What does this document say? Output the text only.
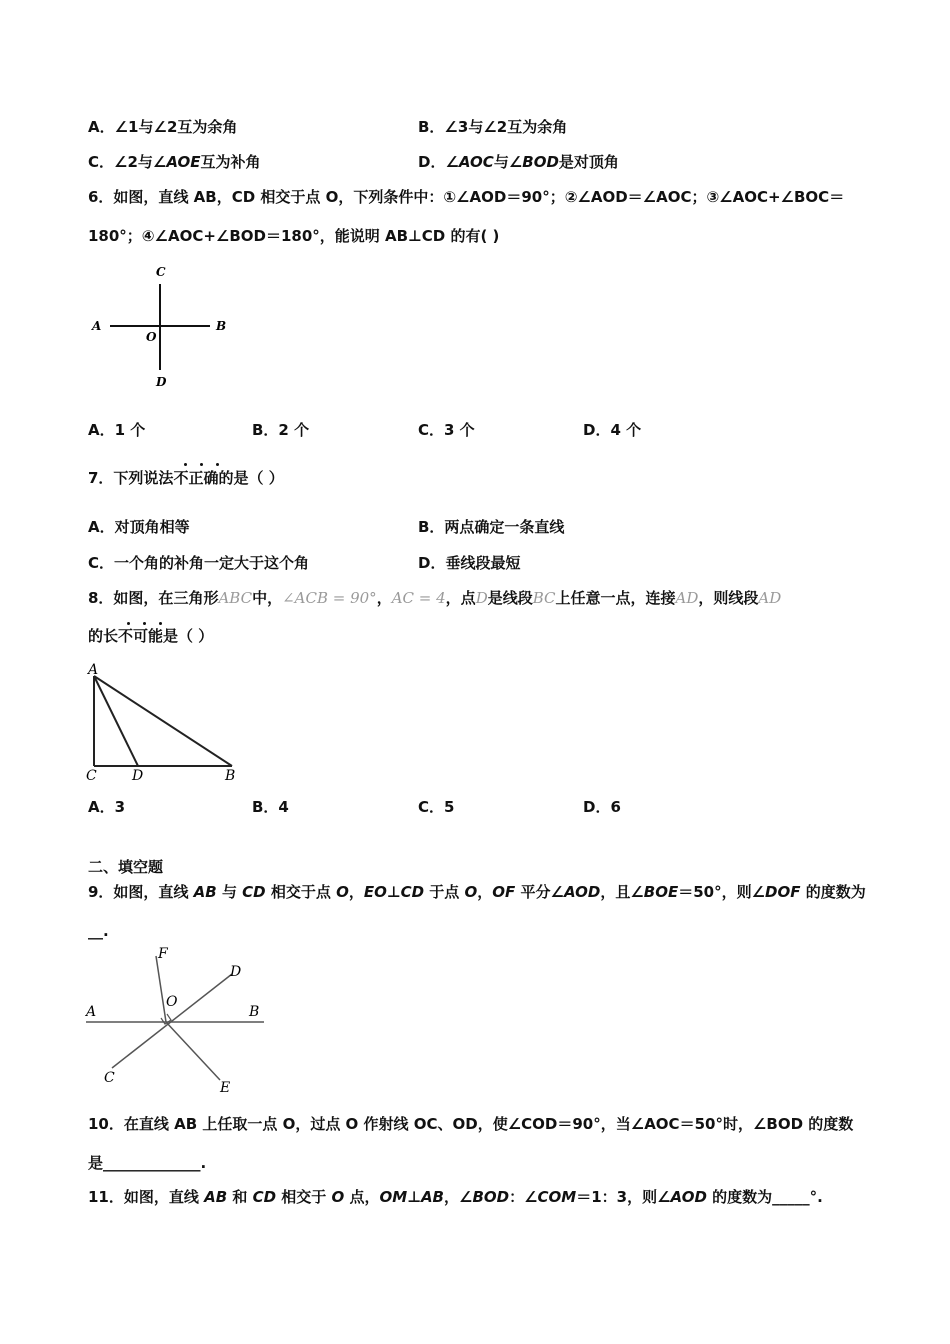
A．∠1与∠2互为余角	B．∠3与∠2互为余角
C．∠2与∠AOE互为补角	D．∠AOC与∠BOD是对顶角
6．如图，直线 AB，CD 相交于点 O，下列条件中：①∠AOD＝90°；②∠AOD＝∠AOC；③∠AOC+∠BOC＝
180°；④∠AOC+∠BOD＝180°，能说明 AB⊥CD 的有( )
C
A
O
B
D
A．1 个	B．2 个	C．3 个	D．4 个
7．下列说法不正确的是（ ）
A．对顶角相等	B．两点确定一条直线
C．一个角的补角一定大于这个角	D．垂线段最短
8．如图，在三角形ABC中，∠ACB = 90°，AC = 4，点D是线段BC上任意一点，连接AD，则线段AD
的长不可能是（ ）
A
C	D	B
A．3	B．4	C．5	D．6
二、填空题
9．如图，直线 AB 与 CD 相交于点 O，EO⊥CD 于点 O，OF 平分∠AOD，且∠BOE＝50°，则∠DOF 的度数为
__.
F
D
O
A	B
C
E
10．在直线 AB 上任取一点 O，过点 O 作射线 OC、OD，使∠COD＝90°，当∠AOC＝50°时，∠BOD 的度数
是_____________.
11．如图，直线 AB 和 CD 相交于 O 点，OM⊥AB，∠BOD：∠COM＝1：3，则∠AOD 的度数为_____°.
